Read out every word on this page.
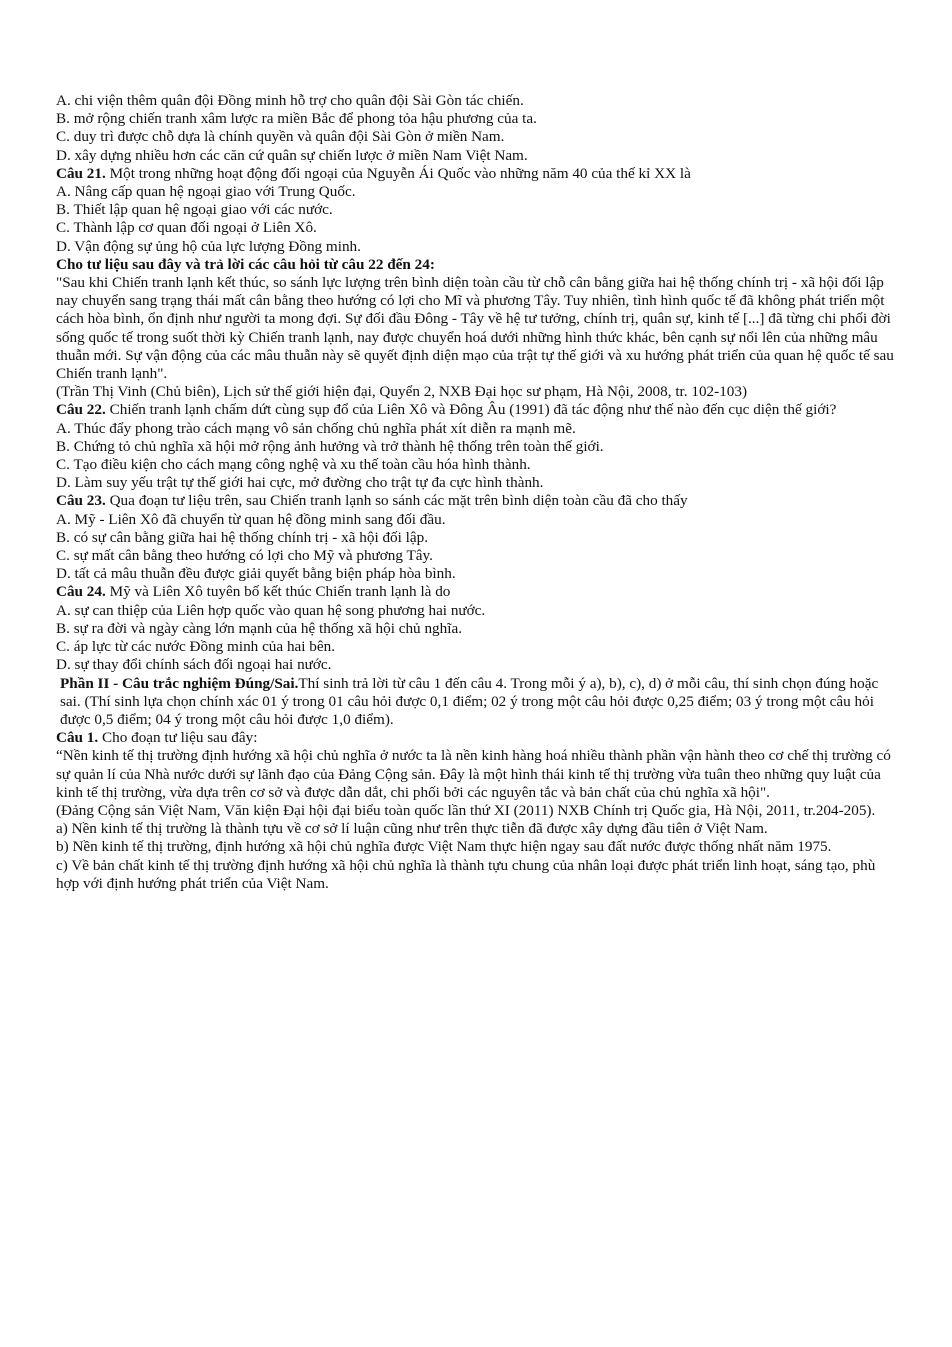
A. chi viện thêm quân đội Đồng minh hỗ trợ cho quân đội Sài Gòn tác chiến.

B. mở rộng chiến tranh xâm lược ra miền Bắc để phong tỏa hậu phương của ta.

C. duy trì được chỗ dựa là chính quyền và quân đội Sài Gòn ở miền Nam.

D. xây dựng nhiều hơn các căn cứ quân sự chiến lược ở miền Nam Việt Nam.

Câu 21. Một trong những hoạt động đối ngoại của Nguyễn Ái Quốc vào những năm 40 của thế kỉ XX là

A. Nâng cấp quan hệ ngoại giao với Trung Quốc.

B. Thiết lập quan hệ ngoại giao với các nước.

C. Thành lập cơ quan đối ngoại ở Liên Xô.

D. Vận động sự ủng hộ của lực lượng Đồng minh.

Cho tư liệu sau đây và trả lời các câu hỏi từ câu 22 đến 24:

"Sau khi Chiến tranh lạnh kết thúc, so sánh lực lượng trên bình diện toàn cầu từ chỗ cân bằng giữa hai hệ thống chính trị - xã hội đối lập nay chuyển sang trạng thái mất cân bằng theo hướng có lợi cho Mĩ và phương Tây. Tuy nhiên, tình hình quốc tế đã không phát triển một cách hòa bình, ổn định như người ta mong đợi. Sự đối đầu Đông - Tây về hệ tư tưởng, chính trị, quân sự, kinh tế [...] đã từng chi phối đời sống quốc tế trong suốt thời kỳ Chiến tranh lạnh, nay được chuyển hoá dưới những hình thức khác, bên cạnh sự nổi lên của những mâu thuẫn mới. Sự vận động của các mâu thuẫn này sẽ quyết định diện mạo của trật tự thế giới và xu hướng phát triển của quan hệ quốc tế sau Chiến tranh lạnh".

(Trần Thị Vinh (Chủ biên), Lịch sử thế giới hiện đại, Quyển 2, NXB Đại học sư phạm, Hà Nội, 2008, tr. 102-103)

Câu 22. Chiến tranh lạnh chấm dứt cùng sụp đổ của Liên Xô và Đông Âu (1991) đã tác động như thế nào đến cục diện thế giới?

A. Thúc đẩy phong trào cách mạng vô sản chống chủ nghĩa phát xít diễn ra mạnh mẽ.

B. Chứng tỏ chủ nghĩa xã hội mở rộng ảnh hưởng và trở thành hệ thống trên toàn thế giới.

C. Tạo điều kiện cho cách mạng công nghệ và xu thế toàn cầu hóa hình thành.

D. Làm suy yếu trật tự thế giới hai cực, mở đường cho trật tự đa cực hình thành.

Câu 23. Qua đoạn tư liệu trên, sau Chiến tranh lạnh so sánh các mặt trên bình diện toàn cầu đã cho thấy

A. Mỹ - Liên Xô đã chuyển từ quan hệ đồng minh sang đối đầu.

B. có sự cân bằng giữa hai hệ thống chính trị - xã hội đối lập.

C. sự mất cân bằng theo hướng có lợi cho Mỹ và phương Tây.

D. tất cả mâu thuẫn đều được giải quyết bằng biện pháp hòa bình.

Câu 24. Mỹ và Liên Xô tuyên bố kết thúc Chiến tranh lạnh là do

A. sự can thiệp của Liên hợp quốc vào quan hệ song phương hai nước.

B. sự ra đời và ngày càng lớn mạnh của hệ thống xã hội chủ nghĩa.

C. áp lực từ các nước Đồng minh của hai bên.

D. sự thay đổi chính sách đối ngoại hai nước.

Phần II - Câu trắc nghiệm Đúng/Sai.Thí sinh trả lời từ câu 1 đến câu 4. Trong mỗi ý a), b), c), d) ở mỗi câu, thí sinh chọn đúng hoặc sai. (Thí sinh lựa chọn chính xác 01 ý trong 01 câu hỏi được 0,1 điểm; 02 ý trong một câu hỏi được 0,25 điểm; 03 ý trong một câu hỏi được 0,5 điểm; 04 ý trong một câu hỏi được 1,0 điểm).

Câu 1. Cho đoạn tư liệu sau đây:

“Nền kinh tế thị trường định hướng xã hội chủ nghĩa ở nước ta là nền kinh hàng hoá nhiều thành phần vận hành theo cơ chế thị trường có sự quản lí của Nhà nước dưới sự lãnh đạo của Đảng Cộng sản. Đây là một hình thái kinh tế thị trường vừa tuân theo những quy luật của kinh tế thị trường, vừa dựa trên cơ sở và được dẫn dắt, chi phối bởi các nguyên tắc và bản chất của chủ nghĩa xã hội".

(Đảng Cộng sản Việt Nam, Văn kiện Đại hội đại biểu toàn quốc lần thứ XI (2011) NXB Chính trị Quốc gia, Hà Nội, 2011, tr.204-205).

a) Nền kinh tế thị trường là thành tựu về cơ sở lí luận cũng như trên thực tiễn đã được xây dựng đầu tiên ở Việt Nam.

b) Nền kinh tế thị trường, định hướng xã hội chủ nghĩa được Việt Nam thực hiện ngay sau đất nước được thống nhất năm 1975.

c) Về bản chất kinh tế thị trường định hướng xã hội chủ nghĩa là thành tựu chung của nhân loại được phát triển linh hoạt, sáng tạo, phù hợp với định hướng phát triển của Việt Nam.
